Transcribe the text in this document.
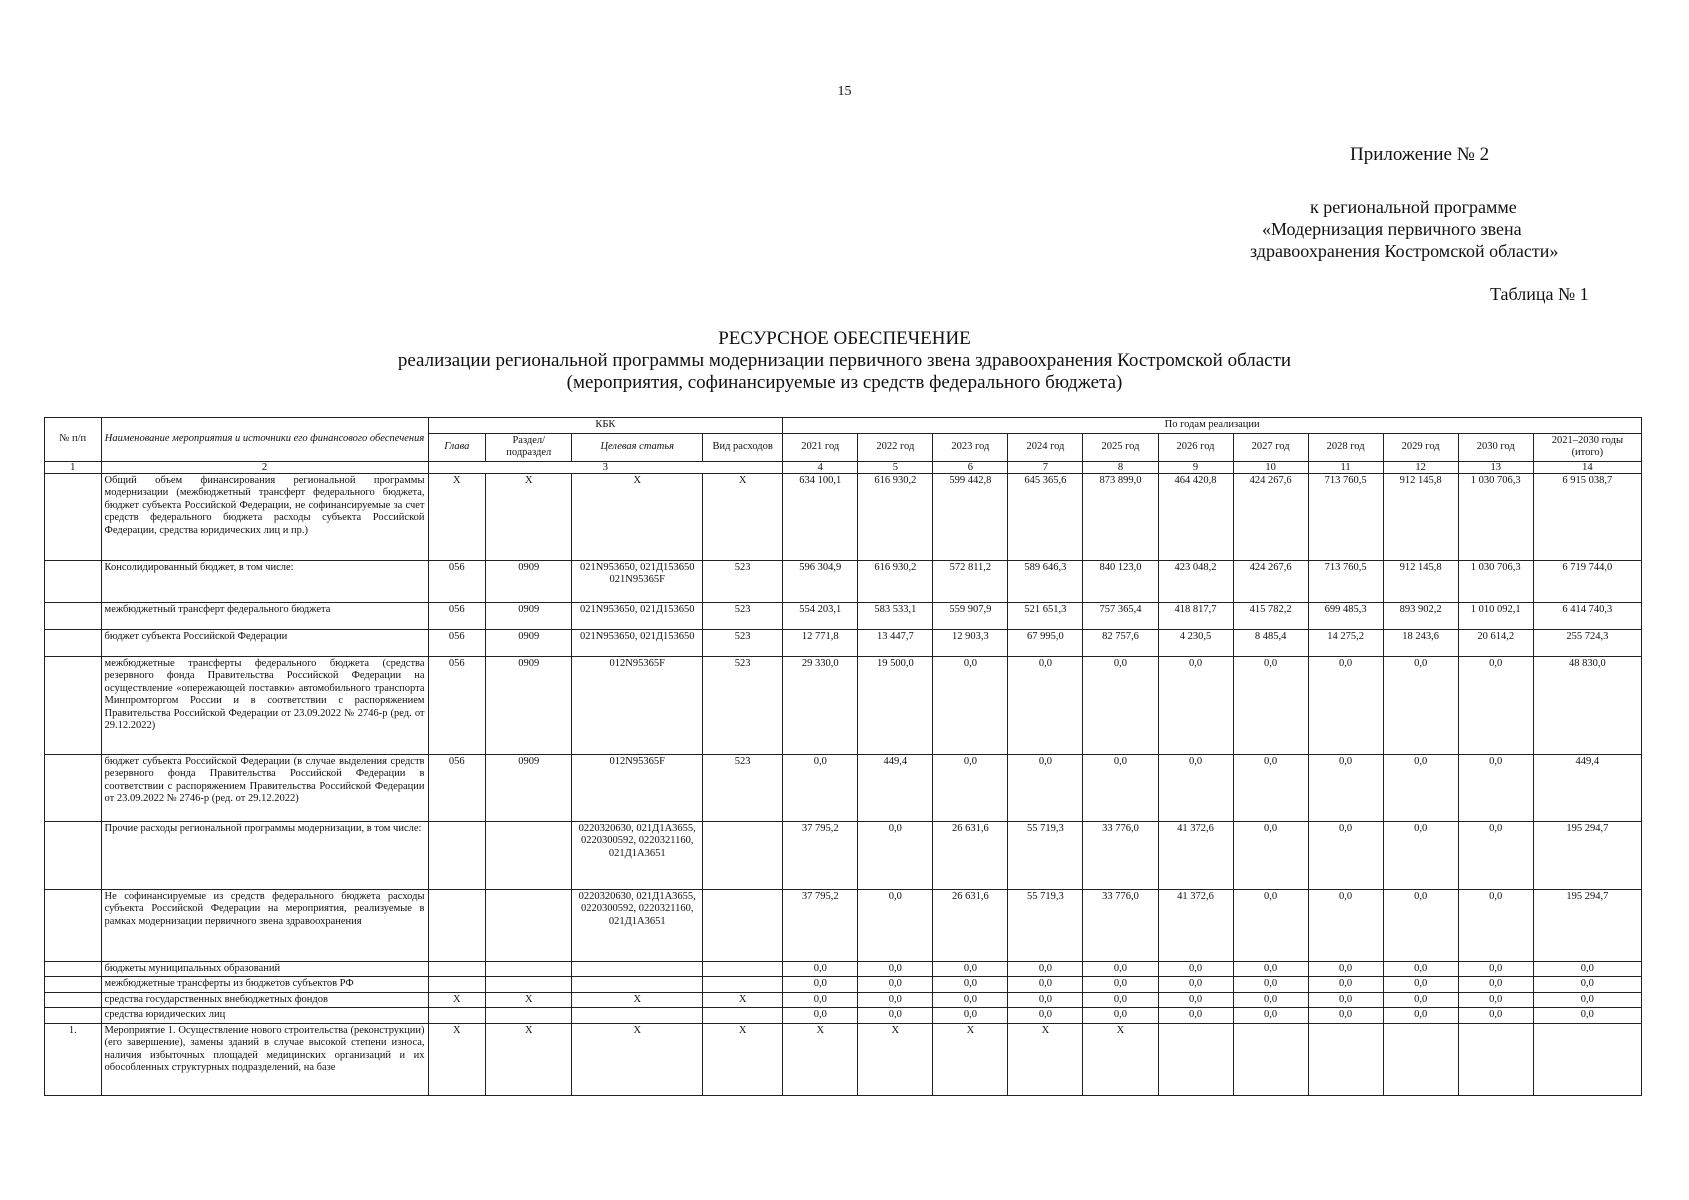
15
Приложение № 2
к региональной программе
«Модернизация первичного звена
здравоохранения Костромской области»
Таблица № 1
РЕСУРСНОЕ ОБЕСПЕЧЕНИЕ
реализации региональной программы модернизации первичного звена здравоохранения Костромской области
(мероприятия, софинансируемые из средств федерального бюджета)
№ п/п	Наименование мероприятия и источники его финансового обеспечения	КБК				По годам реализации										
		Глава	Раздел/ подраздел	Целевая статья	Вид расходов	2021 год	2022 год	2023 год	2024 год	2025 год	2026 год	2027 год	2028 год	2029 год	2030 год	2021–2030 годы (итого)
1	2	3				4	5	6	7	8	9	10	11	12	13	14
	Общий объем финансирования региональной программы модернизации (межбюджетный трансферт федерального бюджета, бюджет субъекта Российской Федерации, не софинансируемые за счет средств федерального бюджета расходы субъекта Российской Федерации, средства юридических лиц и пр.)	Х	Х	Х	Х	634 100,1	616 930,2	599 442,8	645 365,6	873 899,0	464 420,8	424 267,6	713 760,5	912 145,8	1 030 706,3	6 915 038,7
	Консолидированный бюджет, в том числе:	056	0909	021N953650, 021Д153650 021N95365F	523	596 304,9	616 930,2	572 811,2	589 646,3	840 123,0	423 048,2	424 267,6	713 760,5	912 145,8	1 030 706,3	6 719 744,0
	межбюджетный трансферт федерального бюджета	056	0909	021N953650, 021Д153650	523	554 203,1	583 533,1	559 907,9	521 651,3	757 365,4	418 817,7	415 782,2	699 485,3	893 902,2	1 010 092,1	6 414 740,3
	бюджет субъекта Российской Федерации	056	0909	021N953650, 021Д153650	523	12 771,8	13 447,7	12 903,3	67 995,0	82 757,6	4 230,5	8 485,4	14 275,2	18 243,6	20 614,2	255 724,3
	межбюджетные трансферты федерального бюджета (средства резервного фонда Правительства Российской Федерации на осуществление «опережающей поставки» автомобильного транспорта Минпромторгом России и в соответствии с распоряжением Правительства Российской Федерации от 23.09.2022 № 2746-р (ред. от 29.12.2022)	056	0909	012N95365F	523	29 330,0	19 500,0	0,0	0,0	0,0	0,0	0,0	0,0	0,0	0,0	48 830,0
	бюджет субъекта Российской Федерации (в случае выделения средств резервного фонда Правительства Российской Федерации в соответствии с распоряжением Правительства Российской Федерации от 23.09.2022 № 2746-р (ред. от 29.12.2022)	056	0909	012N95365F	523	0,0	449,4	0,0	0,0	0,0	0,0	0,0	0,0	0,0	0,0	449,4
	Прочие расходы региональной программы модернизации, в том числе:			0220320630, 021Д1А3655, 0220300592, 0220321160, 021Д1А3651		37 795,2	0,0	26 631,6	55 719,3	33 776,0	41 372,6	0,0	0,0	0,0	0,0	195 294,7
	Не софинансируемые из средств федерального бюджета расходы субъекта Российской Федерации на мероприятия, реализуемые в рамках модернизации первичного звена здравоохранения			0220320630, 021Д1А3655, 0220300592, 0220321160, 021Д1А3651		37 795,2	0,0	26 631,6	55 719,3	33 776,0	41 372,6	0,0	0,0	0,0	0,0	195 294,7
	бюджеты муниципальных образований					0,0	0,0	0,0	0,0	0,0	0,0	0,0	0,0	0,0	0,0	0,0
	межбюджетные трансферты из бюджетов субъектов РФ					0,0	0,0	0,0	0,0	0,0	0,0	0,0	0,0	0,0	0,0	0,0
	средства государственных внебюджетных фондов	Х	Х	Х	Х	0,0	0,0	0,0	0,0	0,0	0,0	0,0	0,0	0,0	0,0	0,0
	средства юридических лиц					0,0	0,0	0,0	0,0	0,0	0,0	0,0	0,0	0,0	0,0	0,0
1.	Мероприятие 1. Осуществление нового строительства (реконструкции) (его завершение), замены зданий в случае высокой степени износа, наличия избыточных площадей медицинских организаций и их обособленных структурных подразделений, на базе	Х	Х	Х	Х	Х	Х	Х	Х	Х						
